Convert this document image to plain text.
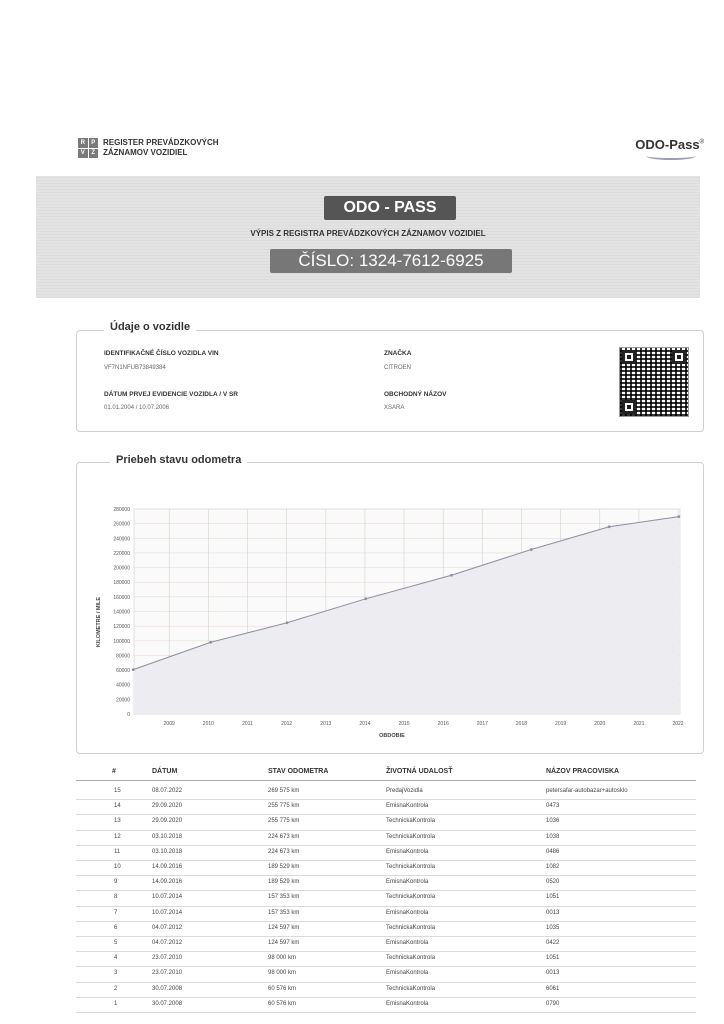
R	P
V	Z
REGISTER PREVÁDZKOVÝCH
ZÁZNAMOV VOZIDIEL
ODO-Pass®
ODO - PASS
VÝPIS Z REGISTRA PREVÁDZKOVÝCH ZÁZNAMOV VOZIDIEL
ČÍSLO: 1324-7612-6925
Údaje o vozidle
IDENTIFIKAČNÉ ČÍSLO VOZIDLA VIN
VF7N1NFUB73849384
DÁTUM PRVEJ EVIDENCIE VOZIDLA / V SR
01.01.2004 / 10.07.2006
ZNAČKA
CITROEN
OBCHODNÝ NÁZOV
XSARA
Priebeh stavu odometra
0
20000
40000
60000
80000
100000
120000
140000
160000
180000
200000
220000
240000
260000
280000
2009	2010	2011	2012	2013	2014	2015	2016	2017	2018	2019	2020	2021	2022
KILOMETRE / MILE
OBDOBIE
#	DÁTUM	STAV ODOMETRA	ŽIVOTNÁ UDALOSŤ	NÁZOV PRACOVISKA
15	08.07.2022	269 575 km	PredajVozidla	petersafar-autobazar+autosklo
14	29.09.2020	255 775 km	EmisnaKontrola	0473
13	29.09.2020	255 775 km	TechnickaKontrola	1036
12	03.10.2018	224 673 km	TechnickaKontrola	1038
11	03.10.2018	224 673 km	EmisnaKontrola	0486
10	14.09.2016	189 529 km	TechnickaKontrola	1082
9	14.09.2016	189 529 km	EmisnaKontrola	0520
8	10.07.2014	157 353 km	TechnickaKontrola	1051
7	10.07.2014	157 353 km	EmisnaKontrola	0013
6	04.07.2012	124 597 km	TechnickaKontrola	1035
5	04.07.2012	124 597 km	EmisnaKontrola	0422
4	23.07.2010	98 000 km	TechnickaKontrola	1051
3	23.07.2010	98 000 km	EmisnaKontrola	0013
2	30.07.2008	60 576 km	TechnickaKontrola	6061
1	30.07.2008	60 576 km	EmisnaKontrola	0790
